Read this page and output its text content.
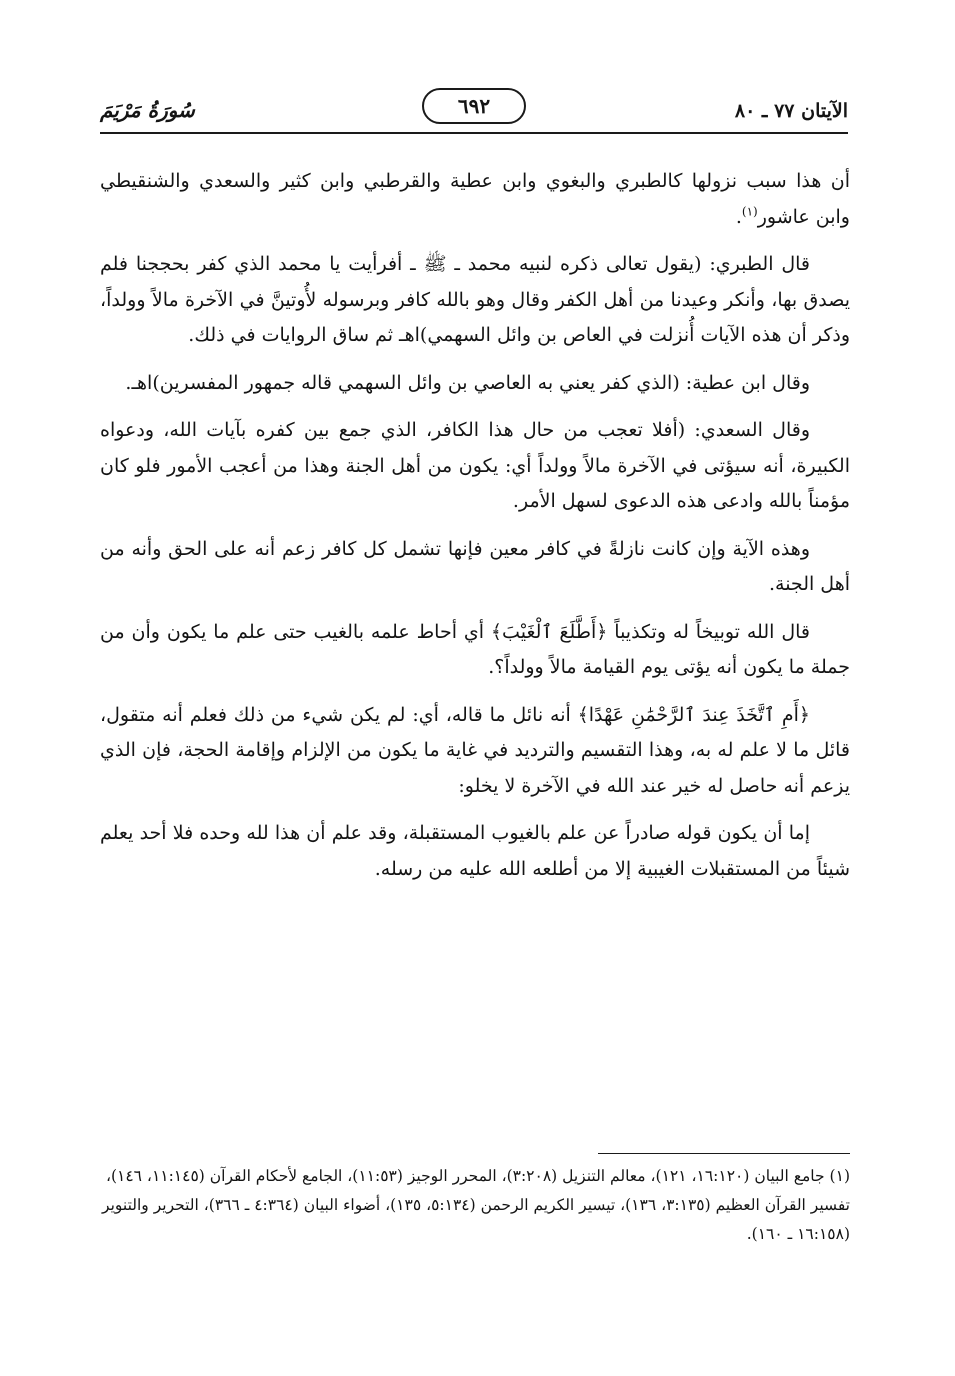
الآيتان ٧٧ ـ ٨٠
٦٩٢
سُورَةُ مَرْيَمَ

أن هذا سبب نزولها كالطبري والبغوي وابن عطية والقرطبي وابن كثير والسعدي والشنقيطي وابن عاشور$^{(١)}$.

قال الطبري: (يقول تعالى ذكره لنبيه محمد ـ ﷺ ـ أفرأيت يا محمد الذي كفر بحججنا فلم يصدق بها، وأنكر وعيدنا من أهل الكفر وقال وهو بالله كافر وبرسوله لأُوتينَّ في الآخرة مالاً وولداً، وذكر أن هذه الآيات أُنزلت في العاص بن وائل السهمي)اهـ ثم ساق الروايات في ذلك.

وقال ابن عطية: (الذي كفر يعني به العاصي بن وائل السهمي قاله جمهور المفسرين)اهـ.

وقال السعدي: (أفلا تعجب من حال هذا الكافر، الذي جمع بين كفره بآيات الله، ودعواه الكبيرة، أنه سيؤتى في الآخرة مالاً وولداً أي: يكون من أهل الجنة وهذا من أعجب الأمور فلو كان مؤمناً بالله وادعى هذه الدعوى لسهل الأمر.

وهذه الآية وإن كانت نازلةً في كافر معين فإنها تشمل كل كافر زعم أنه على الحق وأنه من أهل الجنة.

قال الله توبيخاً له وتكذيباً ﴿أَطَّلَعَ ٱلْغَيْبَ﴾ أي أحاط علمه بالغيب حتى علم ما يكون وأن من جملة ما يكون أنه يؤتى يوم القيامة مالاً وولداً؟.

﴿أَمِ ٱتَّخَذَ عِندَ ٱلرَّحْمَٰنِ عَهْدًا﴾ أنه نائل ما قاله، أي: لم يكن شيء من ذلك فعلم أنه متقول، قائل ما لا علم له به، وهذا التقسيم والترديد في غاية ما يكون من الإلزام وإقامة الحجة، فإن الذي يزعم أنه حاصل له خير عند الله في الآخرة لا يخلو:

إما أن يكون قوله صادراً عن علم بالغيوب المستقبلة، وقد علم أن هذا لله وحده فلا أحد يعلم شيئاً من المستقبلات الغيبية إلا من أطلعه الله عليه من رسله.

(١) جامع البيان (١٦:١٢٠، ١٢١)، معالم التنزيل (٣:٢٠٨)، المحرر الوجيز (١١:٥٣)، الجامع لأحكام القرآن (١١:١٤٥، ١٤٦)، تفسير القرآن العظيم (٣:١٣٥، ١٣٦)، تيسير الكريم الرحمن (٥:١٣٤، ١٣٥)، أضواء البيان (٤:٣٦٤ ـ ٣٦٦)، التحرير والتنوير (١٦:١٥٨ ـ ١٦٠).
